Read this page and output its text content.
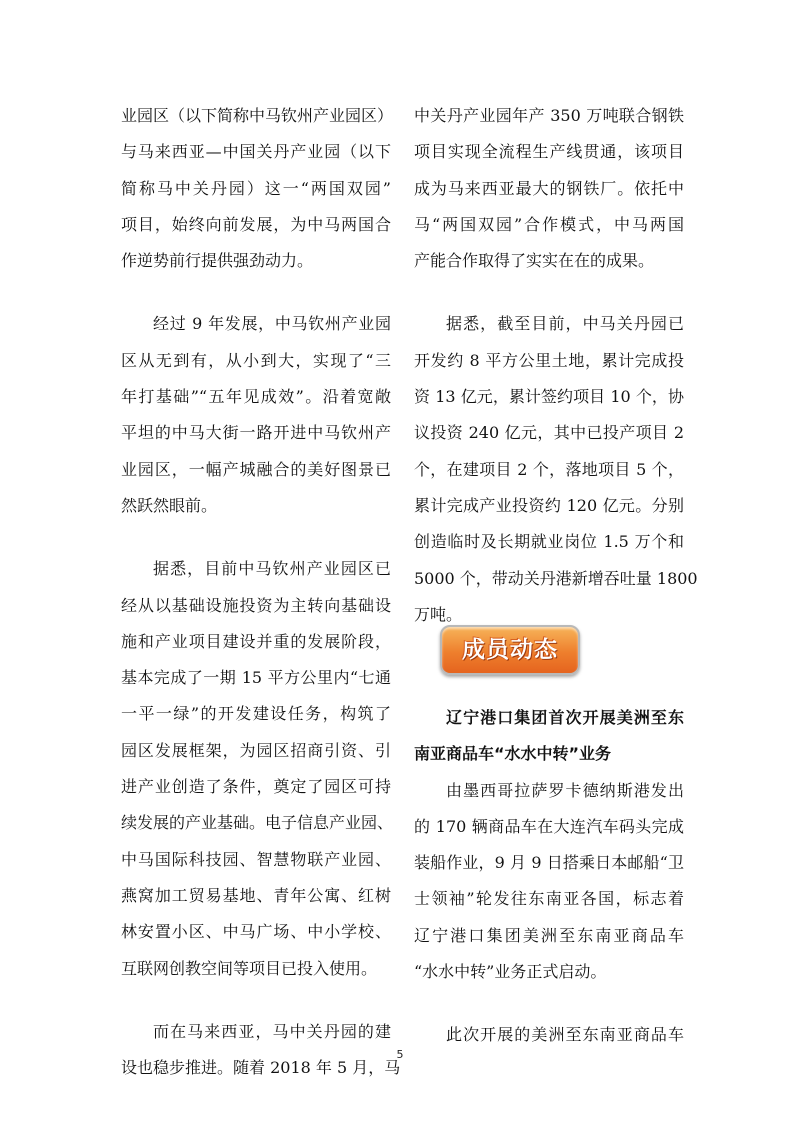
业园区（以下简称中马钦州产业园区）
与马来西亚—中国关丹产业园（以下
简称马中关丹园）这一“两国双园”
项目，始终向前发展，为中马两国合
作逆势前行提供强劲动力。
经过 9 年发展，中马钦州产业园
区从无到有，从小到大，实现了“三
年打基础”“五年见成效”。沿着宽敞
平坦的中马大街一路开进中马钦州产
业园区，一幅产城融合的美好图景已
然跃然眼前。
据悉，目前中马钦州产业园区已
经从以基础设施投资为主转向基础设
施和产业项目建设并重的发展阶段，
基本完成了一期 15 平方公里内“七通
一平一绿”的开发建设任务，构筑了
园区发展框架，为园区招商引资、引
进产业创造了条件，奠定了园区可持
续发展的产业基础。电子信息产业园、
中马国际科技园、智慧物联产业园、
燕窝加工贸易基地、青年公寓、红树
林安置小区、中马广场、中小学校、
互联网创教空间等项目已投入使用。
而在马来西亚，马中关丹园的建
设也稳步推进。随着 2018 年 5 月，马
中关丹产业园年产 350 万吨联合钢铁
项目实现全流程生产线贯通，该项目
成为马来西亚最大的钢铁厂。依托中
马“两国双园”合作模式，中马两国
产能合作取得了实实在在的成果。
据悉，截至目前，中马关丹园已
开发约 8 平方公里土地，累计完成投
资 13 亿元，累计签约项目 10 个，协
议投资 240 亿元，其中已投产项目 2
个，在建项目 2 个，落地项目 5 个，
累计完成产业投资约 120 亿元。分别
创造临时及长期就业岗位 1.5 万个和
5000 个，带动关丹港新增吞吐量 1800
万吨。
成员动态
辽宁港口集团首次开展美洲至东
南亚商品车“水水中转”业务
由墨西哥拉萨罗卡德纳斯港发出
的 170 辆商品车在大连汽车码头完成
装船作业，9 月 9 日搭乘日本邮船“卫
士领袖”轮发往东南亚各国，标志着
辽宁港口集团美洲至东南亚商品车
“水水中转”业务正式启动。
此次开展的美洲至东南亚商品车
5
